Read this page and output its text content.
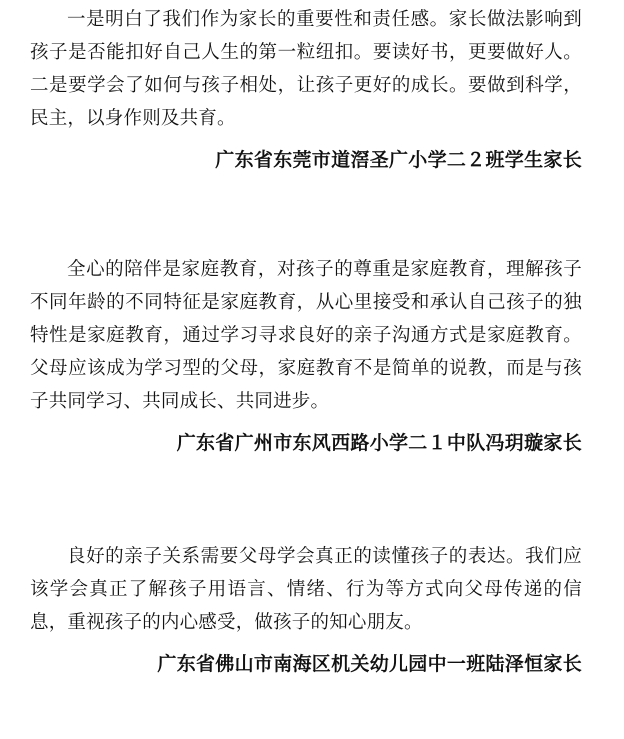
一是明白了我们作为家长的重要性和责任感。家长做法影响到孩子是否能扣好自己人生的第一粒纽扣。要读好书，更要做好人。二是要学会了如何与孩子相处，让孩子更好的成长。要做到科学，民主，以身作则及共育。

广东省东莞市道滘圣广小学二２班学生家长

全心的陪伴是家庭教育，对孩子的尊重是家庭教育，理解孩子不同年龄的不同特征是家庭教育，从心里接受和承认自己孩子的独特性是家庭教育，通过学习寻求良好的亲子沟通方式是家庭教育。父母应该成为学习型的父母，家庭教育不是简单的说教，而是与孩子共同学习、共同成长、共同进步。

广东省广州市东风西路小学二１中队冯玥璇家长

良好的亲子关系需要父母学会真正的读懂孩子的表达。我们应该学会真正了解孩子用语言、情绪、行为等方式向父母传递的信息，重视孩子的内心感受，做孩子的知心朋友。

广东省佛山市南海区机关幼儿园中一班陆泽恒家长
